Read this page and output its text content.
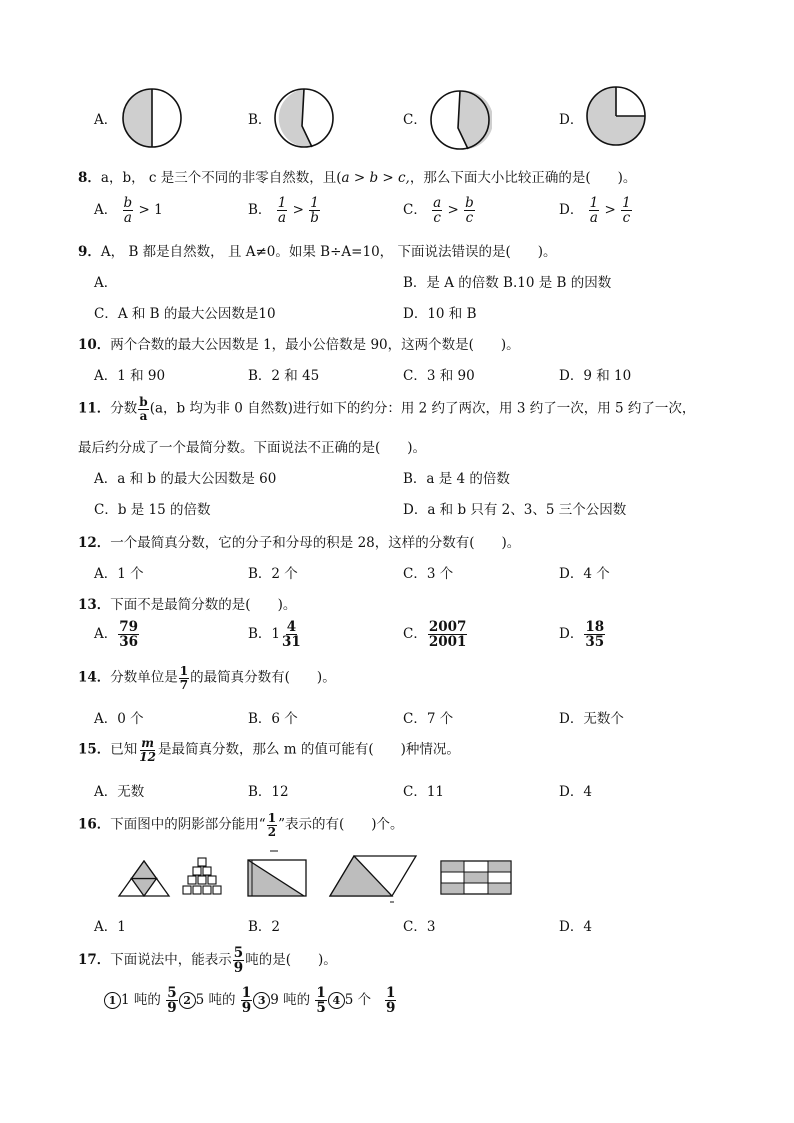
A．	B．	C．	D．
8．a，b， c 是三个不同的非零自然数，且(a > b > c,，那么下面大小比较正确的是(　　)。
A． $\frac{b}{a} > 1$	B． $\frac{1}{a} > \frac{1}{b}$	C． $\frac{a}{c} > \frac{b}{c}$	D． $\frac{1}{a} > \frac{1}{c}$
9．A， B 都是自然数， 且 A≠0。如果 B÷A=10， 下面说法错误的是(　　)。
A．	B．是 A 的倍数 B.10 是 B 的因数
C．A 和 B 的最大公因数是10	D．10 和 B
10．两个合数的最大公因数是 1，最小公倍数是 90，这两个数是(　　)。
A．1 和 90	B．2 和 45	C．3 和 90	D．9 和 10
11．分数 $\frac{b}{a} (a$，b 均为非 0 自然数)进行如下的约分：用 2 约了两次，用 3 约了一次，用 5 约了一次，
最后约分成了一个最简分数。下面说法不正确的是(　　)。
A．a 和 b 的最大公因数是 60	B．a 是 4 的倍数
C．b 是 15 的倍数	D．a 和 b 只有 2、3、5 三个公因数
12．一个最简真分数，它的分子和分母的积是 28，这样的分数有(　　)。
A．1 个	B．2 个	C．3 个	D．4 个
13．下面不是最简分数的是(　　)。
A． $\frac{79}{36}$	B．$1 \frac{4}{31}$	C． $\frac{2007}{2001}$	D． $\frac{18}{35}$
14．分数单位是 $\frac{1}{7}$ 的最简真分数有(　　)。
A．0 个	B．6 个	C．7 个	D．无数个
15．已知 $\frac{m}{12}$ 是最简真分数，那么 m 的值可能有(　　)种情况。
A．无数	B．12	C．11	D．4
16．下面图中的阴影部分能用“ $\frac{1}{2}$ ”表示的有(　　)个。
A．1	B．2	C．3	D．4
17．下面说法中，能表示 $\frac{5}{9}$ 吨的是(　　)。
1 1 吨的 $\frac{5}{9} 2$ 5 吨的 $\frac{1}{9} 3$ 9 吨的 $\frac{1}{5} 4$ 5 个 $\frac{1}{9}$
